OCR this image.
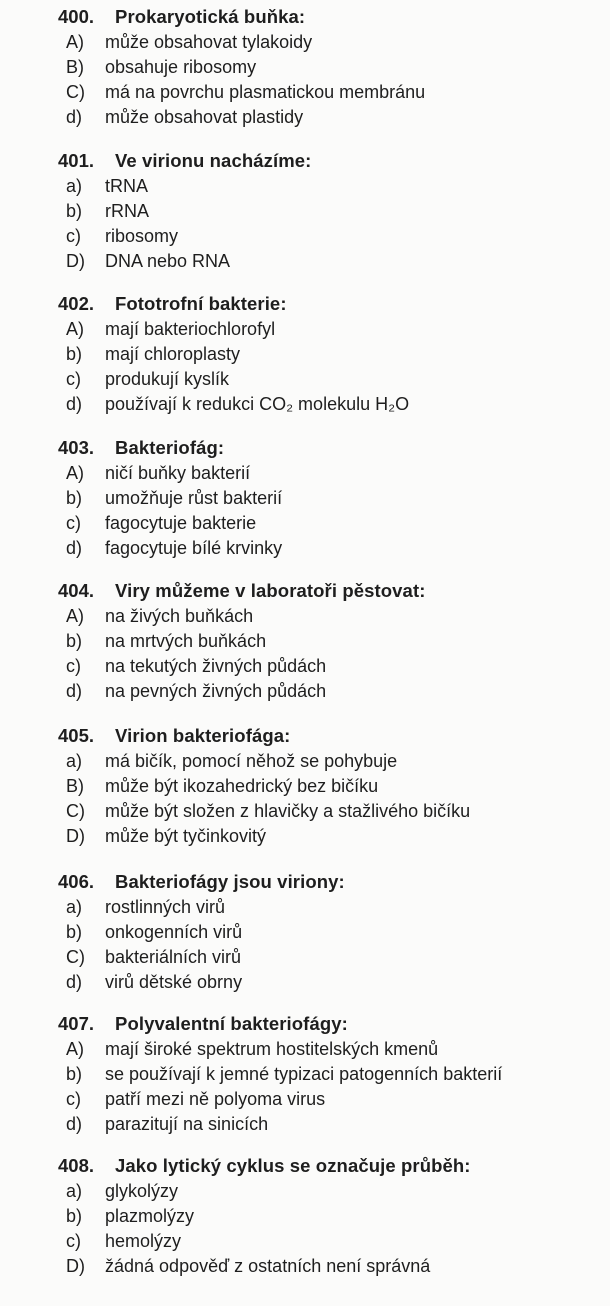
400. Prokaryotická buňka:
A)	může obsahovat tylakoidy
B)	obsahuje ribosomy
C) má na povrchu plasmatickou membránu
d)	může obsahovat plastidy
401. Ve virionu nacházíme:
a)	tRNA
b)	rRNA
c)	ribosomy
D) DNA nebo RNA
402. Fototrofní bakterie:
A)	mají bakteriochlorofyl
b)	mají chloroplasty
c)	produkují kyslík
d)	používají k redukci CO₂ molekulu H₂O
403. Bakteriofág:
A)	ničí buňky bakterií
b)	umožňuje růst bakterií
c)	fagocytuje bakterie
d)	fagocytuje bílé krvinky
404. Viry můžeme v laboratoři pěstovat:
A)	na živých buňkách
b)	na mrtvých buňkách
c)	na tekutých živných půdách
d)	na pevných živných půdách
405. Virion bakteriofága:
a)	má bičík, pomocí něhož se pohybuje
B)	může být ikozahedrický bez bičíku
C) může být složen z hlavičky a stažlivého bičíku
D) může být tyčinkovitý
406. Bakteriofágy jsou viriony:
a)	rostlinných virů
b)	onkogenních virů
C) bakteriálních virů
d)	virů dětské obrny
407. Polyvalentní bakteriofágy:
A)	mají široké spektrum hostitelských kmenů
b)	se používají k jemné typizaci patogenních bakterií
c)	patří mezi ně polyoma virus
d)	parazitují na sinicích
408. Jako lytický cyklus se označuje průběh:
a)	glykolýzy
b)	plazmolýzy
c)	hemolýzy
D) žádná odpověď z ostatních není správná
